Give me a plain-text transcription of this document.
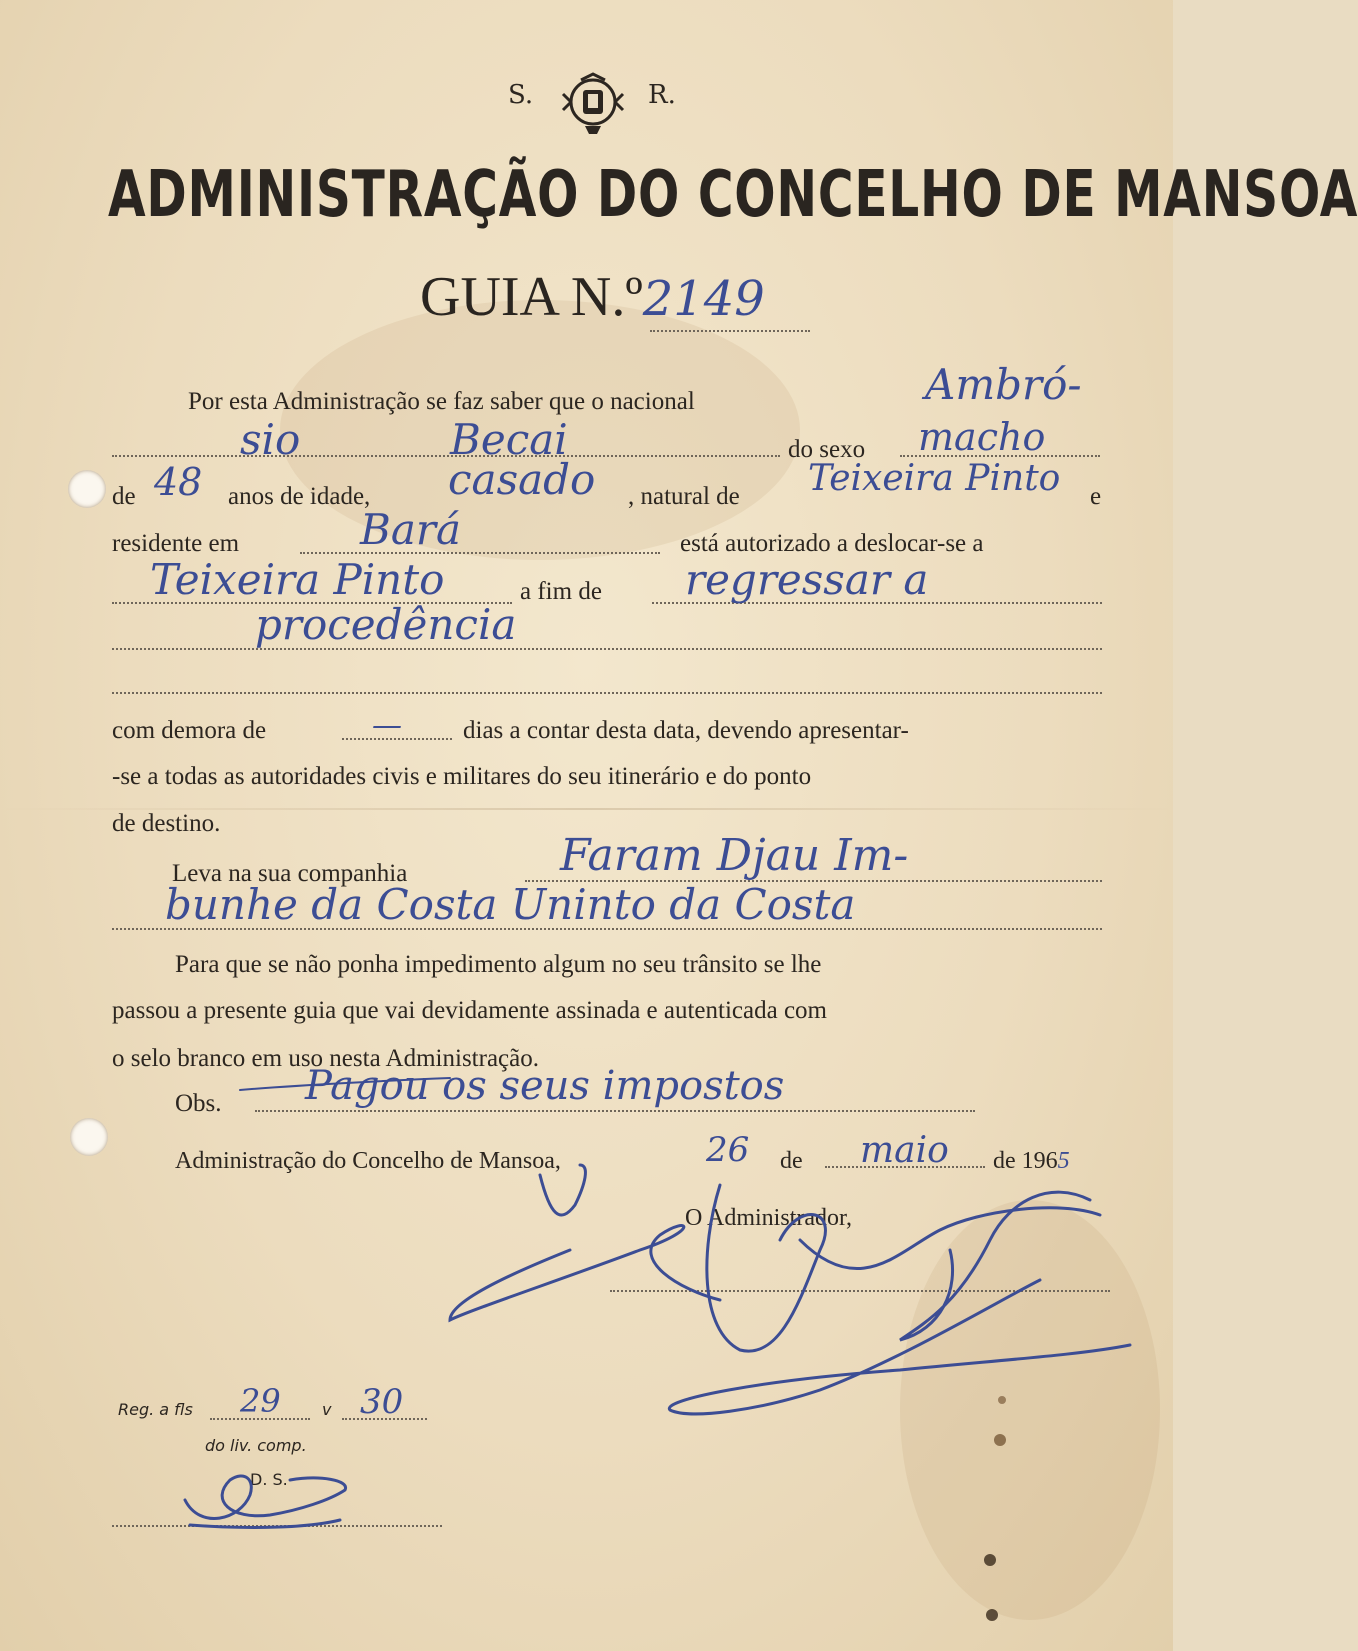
S.	R.
ADMINISTRAÇÃO DO CONCELHO DE MANSOA
GUIA N.º2149
Por esta Administração se faz saber que o nacional	Ambró-
sio	Becai	do sexo macho
de 48 anos de idade, casado , natural de Teixeira Pinto e
residente em	Bará	está autorizado a deslocar-se a
Teixeira Pinto	a fim de regressar a
procedência
com demora de	— dias a contar desta data, devendo apresentar-
-se a todas as autoridades civis e militares do seu itinerário e do ponto
de destino.
Leva na sua companhia	Faram Djau Im-
bunhe da Costa Uninto da Costa
Para que se não ponha impedimento algum no seu trânsito se lhe
passou a presente guia que vai devidamente assinada e autenticada com
o selo branco em uso nesta Administração.
Obs. Pagou os seus impostos
Administração do Concelho de Mansoa,	26 de maio de 1965
O Administrador,
Reg. a fls 29	v 30
do liv. comp.
D. S.
